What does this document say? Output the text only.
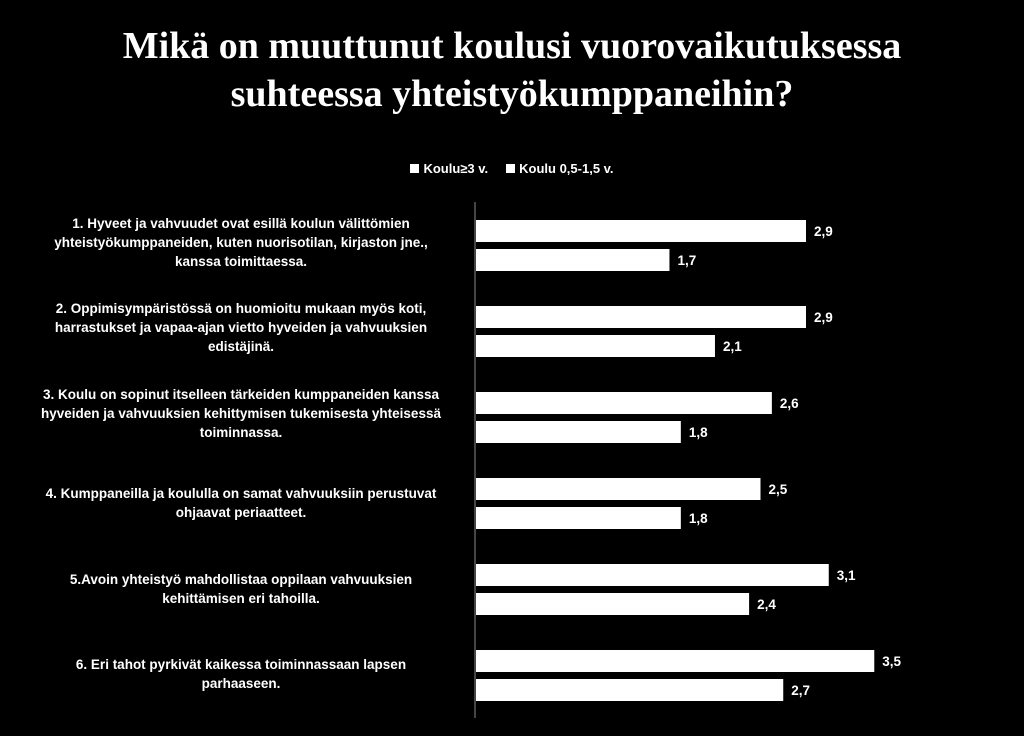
Mikä on muuttunut koulusi vuorovaikutuksessa
suhteessa yhteistyökumppaneihin?
Koulu≥3 v. Koulu 0,5-1,5 v.
1. Hyveet ja vahvuudet ovat esillä koulun välittömien
yhteistyökumppaneiden, kuten nuorisotilan, kirjaston jne.,
kanssa toimittaessa.
2. Oppimisympäristössä on huomioitu mukaan myös koti,
harrastukset ja vapaa-ajan vietto hyveiden ja vahvuuksien
edistäjinä.
3. Koulu on sopinut itselleen tärkeiden kumppaneiden kanssa
hyveiden ja vahvuuksien kehittymisen tukemisesta yhteisessä
toiminnassa.
4. Kumppaneilla ja koululla on samat vahvuuksiin perustuvat
ohjaavat periaatteet.
5.Avoin yhteistyö mahdollistaa oppilaan vahvuuksien
kehittämisen eri tahoilla.
6. Eri tahot pyrkivät kaikessa toiminnassaan lapsen
parhaaseen.
2,9
2,9
2,6
2,5
3,1
3,5
1,7
2,1
1,8
1,8
2,4
2,7
